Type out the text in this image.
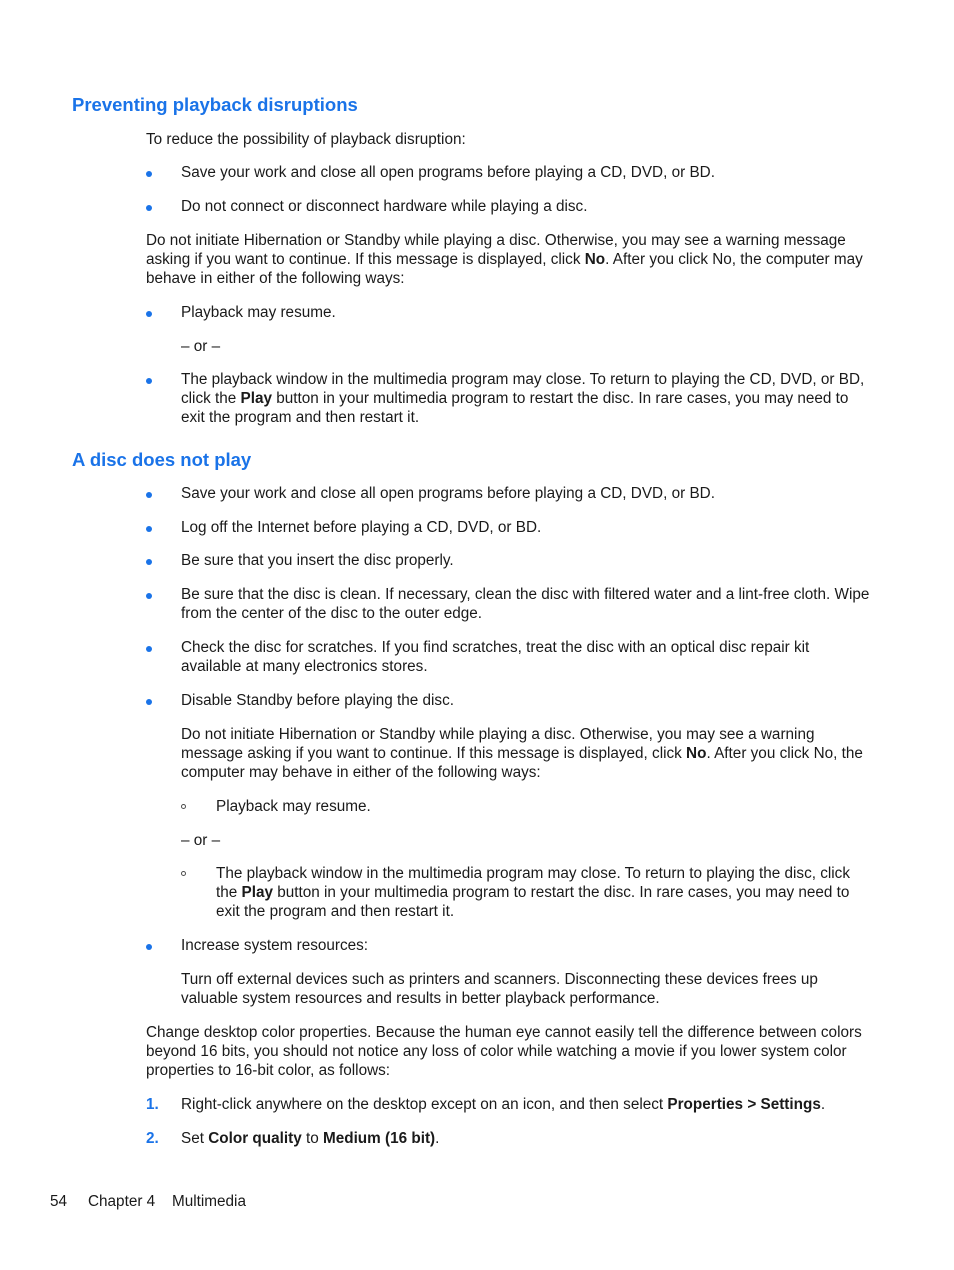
Preventing playback disruptions

To reduce the possibility of playback disruption:

Save your work and close all open programs before playing a CD, DVD, or BD.

Do not connect or disconnect hardware while playing a disc.

Do not initiate Hibernation or Standby while playing a disc. Otherwise, you may see a warning message asking if you want to continue. If this message is displayed, click No. After you click No, the computer may behave in either of the following ways:

Playback may resume.

– or –

The playback window in the multimedia program may close. To return to playing the CD, DVD, or BD, click the Play button in your multimedia program to restart the disc. In rare cases, you may need to exit the program and then restart it.

A disc does not play

Save your work and close all open programs before playing a CD, DVD, or BD.

Log off the Internet before playing a CD, DVD, or BD.

Be sure that you insert the disc properly.

Be sure that the disc is clean. If necessary, clean the disc with filtered water and a lint-free cloth. Wipe from the center of the disc to the outer edge.

Check the disc for scratches. If you find scratches, treat the disc with an optical disc repair kit available at many electronics stores.

Disable Standby before playing the disc.

Do not initiate Hibernation or Standby while playing a disc. Otherwise, you may see a warning message asking if you want to continue. If this message is displayed, click No. After you click No, the computer may behave in either of the following ways:

Playback may resume.

– or –

The playback window in the multimedia program may close. To return to playing the disc, click the Play button in your multimedia program to restart the disc. In rare cases, you may need to exit the program and then restart it.

Increase system resources:

Turn off external devices such as printers and scanners. Disconnecting these devices frees up valuable system resources and results in better playback performance.

Change desktop color properties. Because the human eye cannot easily tell the difference between colors beyond 16 bits, you should not notice any loss of color while watching a movie if you lower system color properties to 16-bit color, as follows:

1. Right-click anywhere on the desktop except on an icon, and then select Properties > Settings.

2. Set Color quality to Medium (16 bit).

54 Chapter 4 Multimedia
